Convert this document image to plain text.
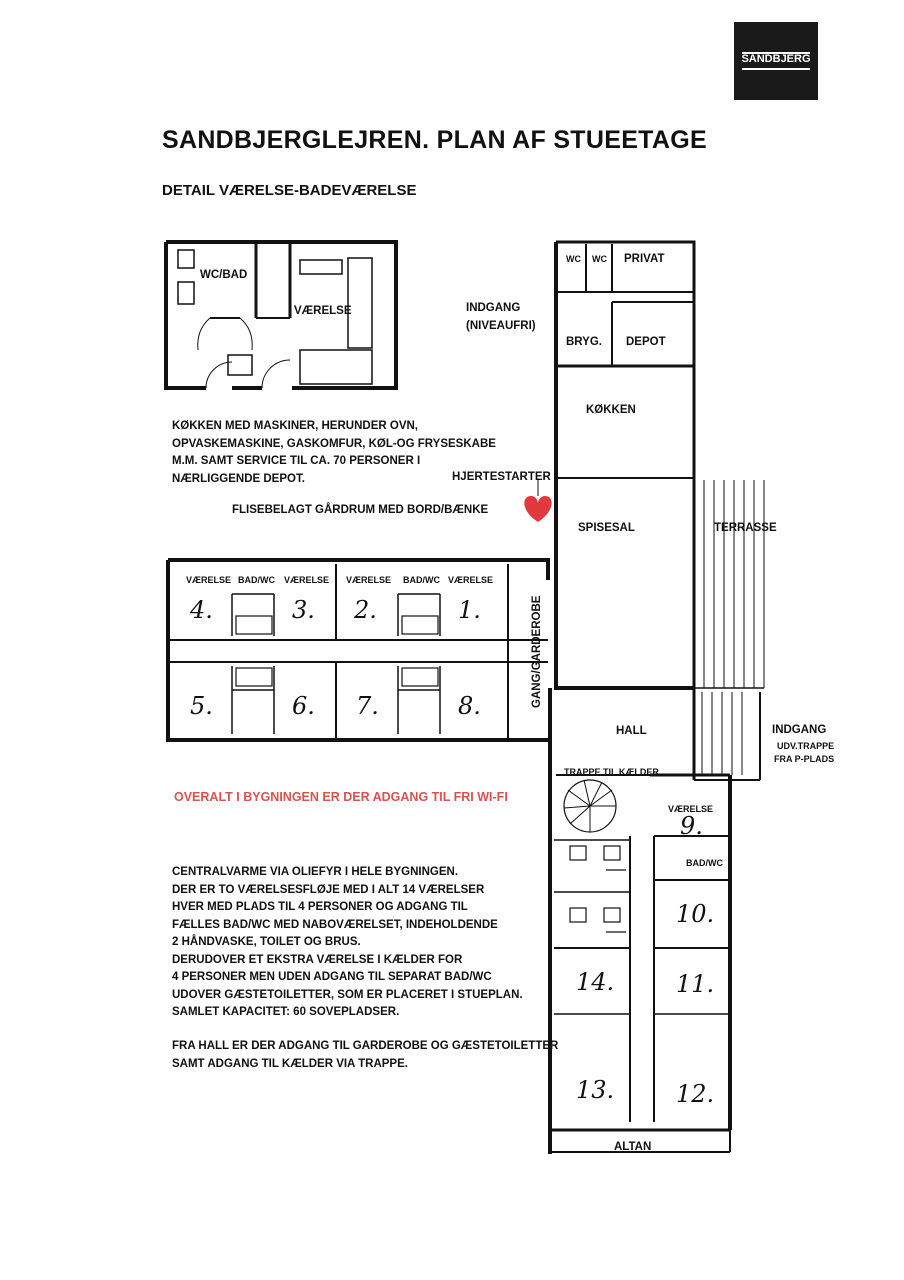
SANDBJERG
SANDBJERGLEJREN. PLAN AF STUEETAGE
DETAIL VÆRELSE-BADEVÆRELSE
WC/BAD
VÆRELSE
WC WC PRIVAT
BRYG. DEPOT
KØKKEN
SPISESAL	TERRASSE
HALL
GANG/GARDEROBE
TRAPPE TIL KÆLDER
ALTAN
VÆRELSE BAD/WC VÆRELSE VÆRELSE BAD/WC VÆRELSE
4.	3. 2.	1.
5.	6. 7.	8.
VÆRELSE
BAD/WC
9.
10.
11.
12.
13.
14.
INDGANG
(NIVEAUFRI)
KØKKEN MED MASKINER, HERUNDER OVN,
OPVASKEMASKINE, GASKOMFUR, KØL-OG FRYSESKABE
M.M. SAMT SERVICE TIL CA. 70 PERSONER I
NÆRLIGGENDE DEPOT.	HJERTESTARTER
FLISEBELAGT GÅRDRUM MED BORD/BÆNKE
OVERALT I BYGNINGEN ER DER ADGANG TIL FRI WI-FI
INDGANG
UDV.TRAPPE
FRA P-PLADS
CENTRALVARME VIA OLIEFYR I HELE BYGNINGEN.
DER ER TO VÆRELSESFLØJE MED I ALT 14 VÆRELSER
HVER MED PLADS TIL 4 PERSONER OG ADGANG TIL
FÆLLES BAD/WC MED NABOVÆRELSET, INDEHOLDENDE
2 HÅNDVASKE, TOILET OG BRUS.
DERUDOVER ET EKSTRA VÆRELSE I KÆLDER FOR
4 PERSONER MEN UDEN ADGANG TIL SEPARAT BAD/WC
UDOVER GÆSTETOILETTER, SOM ER PLACERET I STUEPLAN.
SAMLET KAPACITET: 60 SOVEPLADSER.
FRA HALL ER DER ADGANG TIL GARDEROBE OG GÆSTETOILETTER
SAMT ADGANG TIL KÆLDER VIA TRAPPE.
